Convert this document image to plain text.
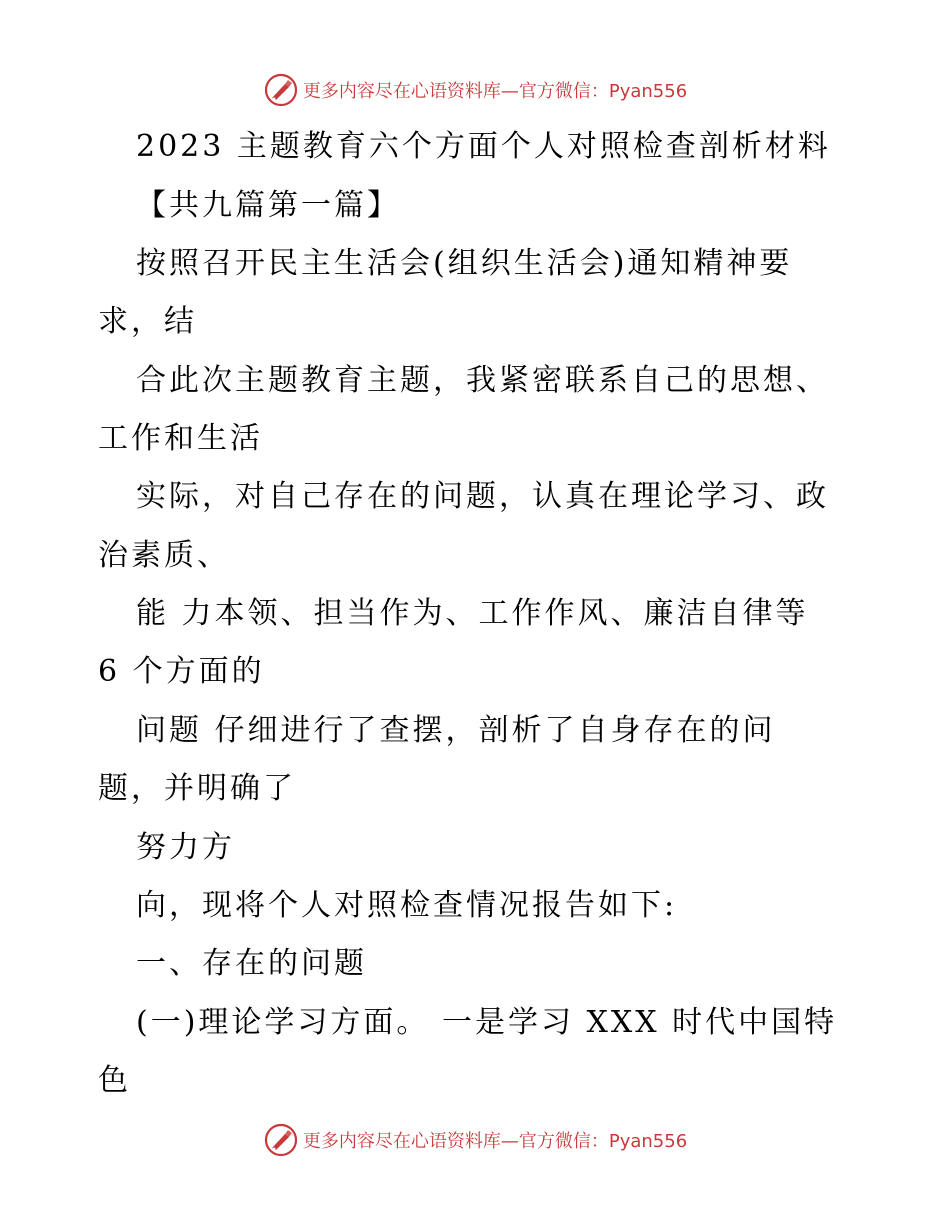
更多内容尽在心语资料库—官方微信：Pyan556
2023 主题教育六个方面个人对照检查剖析材料
【共九篇第一篇】
按照召开民主生活会(组织生活会)通知精神要
求，结
合此次主题教育主题，我紧密联系自己的思想、
工作和生活
实际，对自己存在的问题，认真在理论学习、政
治素质、
能 力本领、担当作为、工作作风、廉洁自律等
6 个方面的
问题 仔细进行了查摆，剖析了自身存在的问
题，并明确了
努力方
向，现将个人对照检查情况报告如下:
一、存在的问题
(一)理论学习方面。 一是学习 XXX 时代中国特
色
更多内容尽在心语资料库—官方微信：Pyan556
